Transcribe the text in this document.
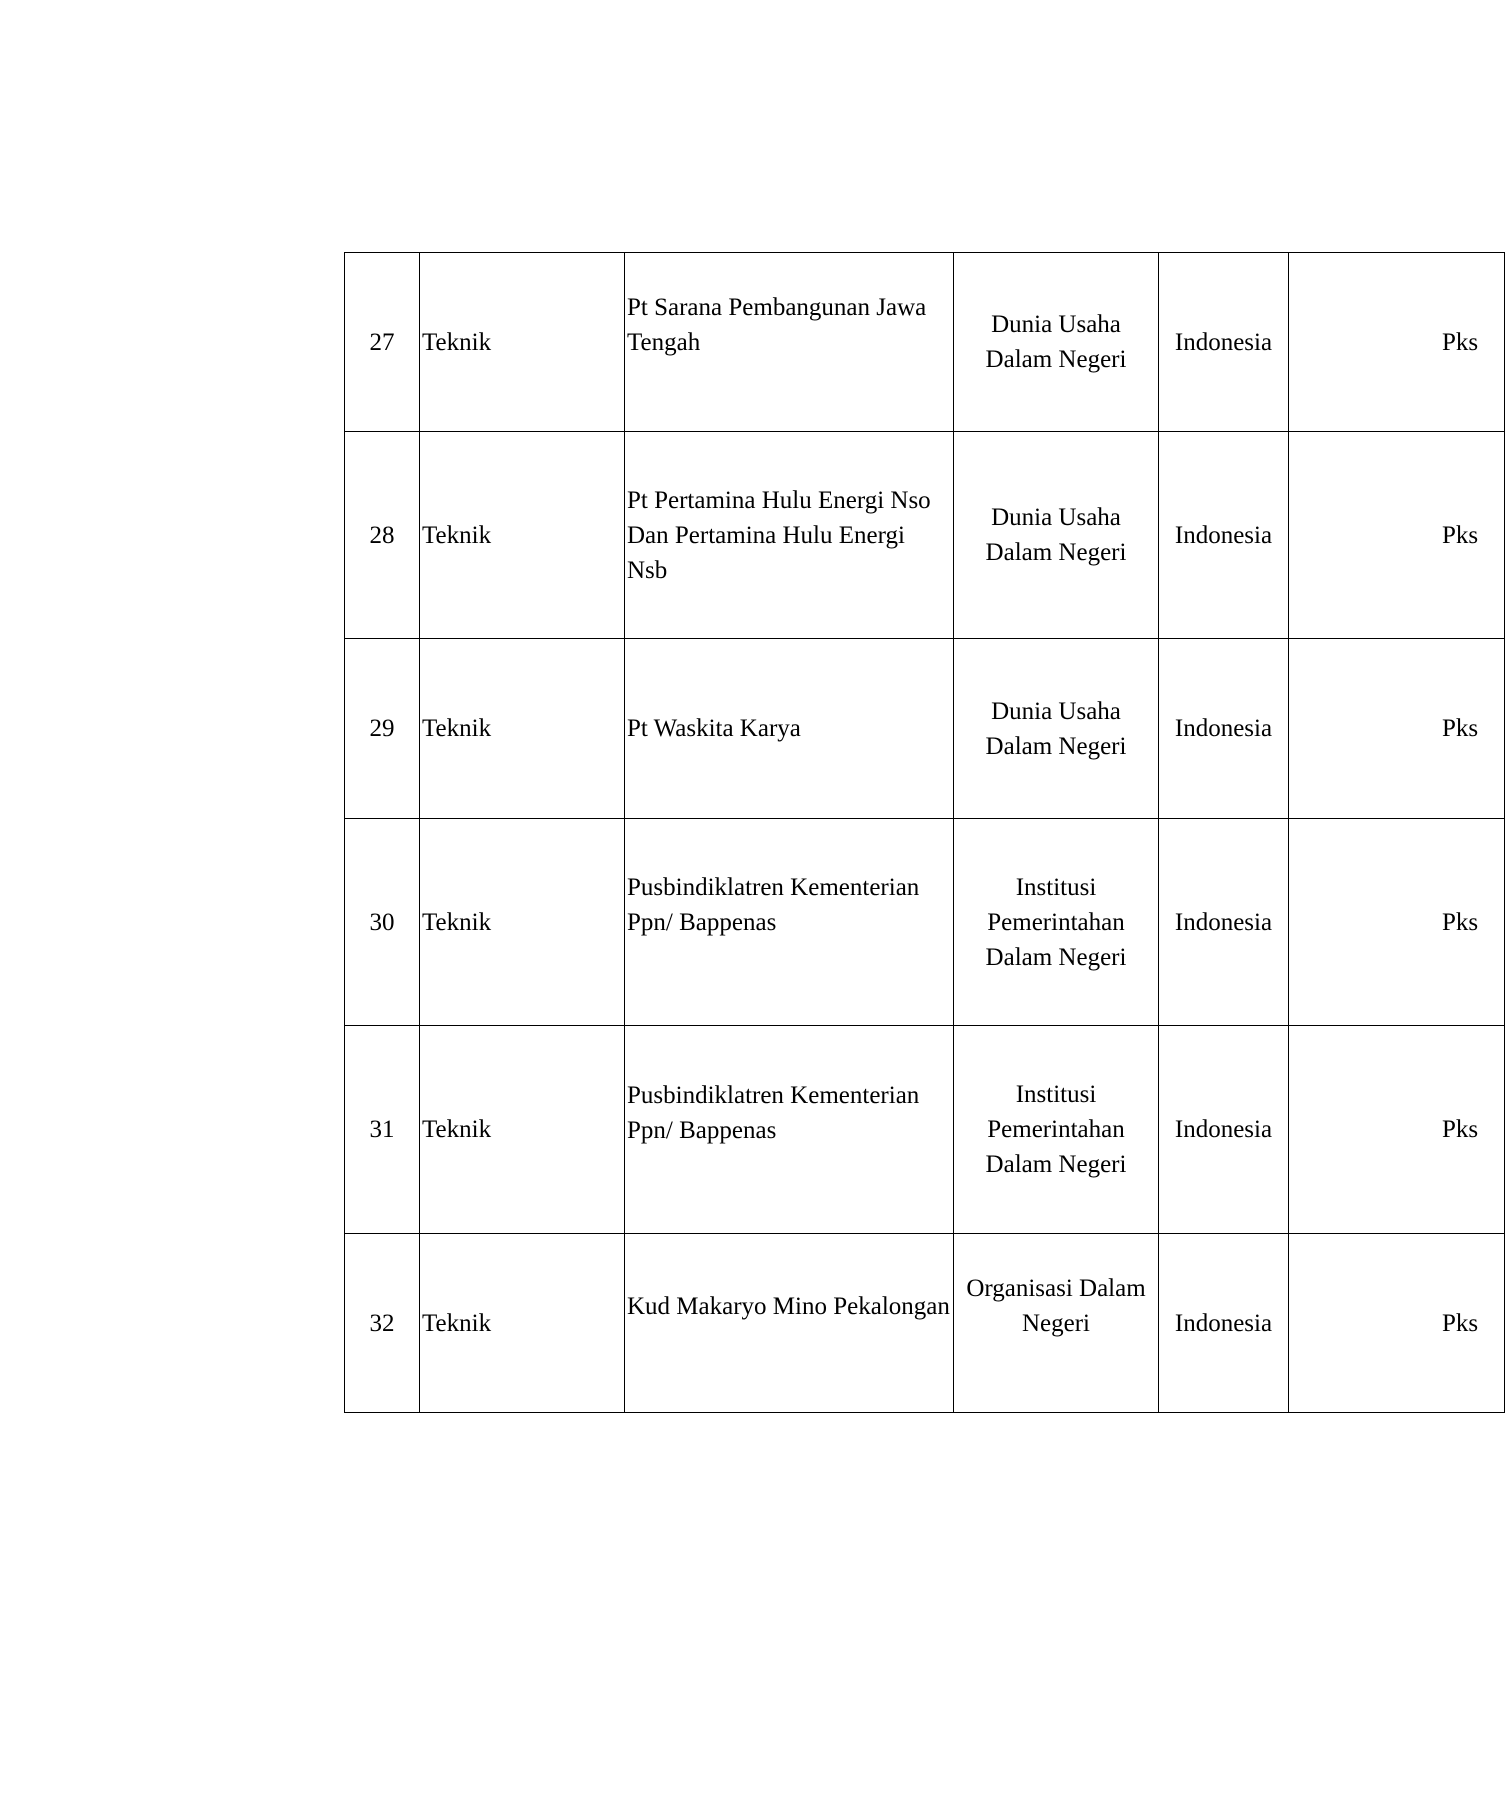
27	Teknik	Pt Sarana Pembangunan Jawa Tengah	Dunia Usaha Dalam Negeri	Indonesia	Pks
28	Teknik	Pt Pertamina Hulu Energi Nso Dan Pertamina Hulu Energi Nsb	Dunia Usaha Dalam Negeri	Indonesia	Pks
29	Teknik	Pt Waskita Karya	Dunia Usaha Dalam Negeri	Indonesia	Pks
30	Teknik	Pusbindiklatren Kementerian Ppn/ Bappenas	Institusi Pemerintahan Dalam Negeri	Indonesia	Pks
31	Teknik	Pusbindiklatren Kementerian Ppn/ Bappenas	Institusi Pemerintahan Dalam Negeri	Indonesia	Pks
32	Teknik	Kud Makaryo Mino Pekalongan	Organisasi Dalam Negeri	Indonesia	Pks
